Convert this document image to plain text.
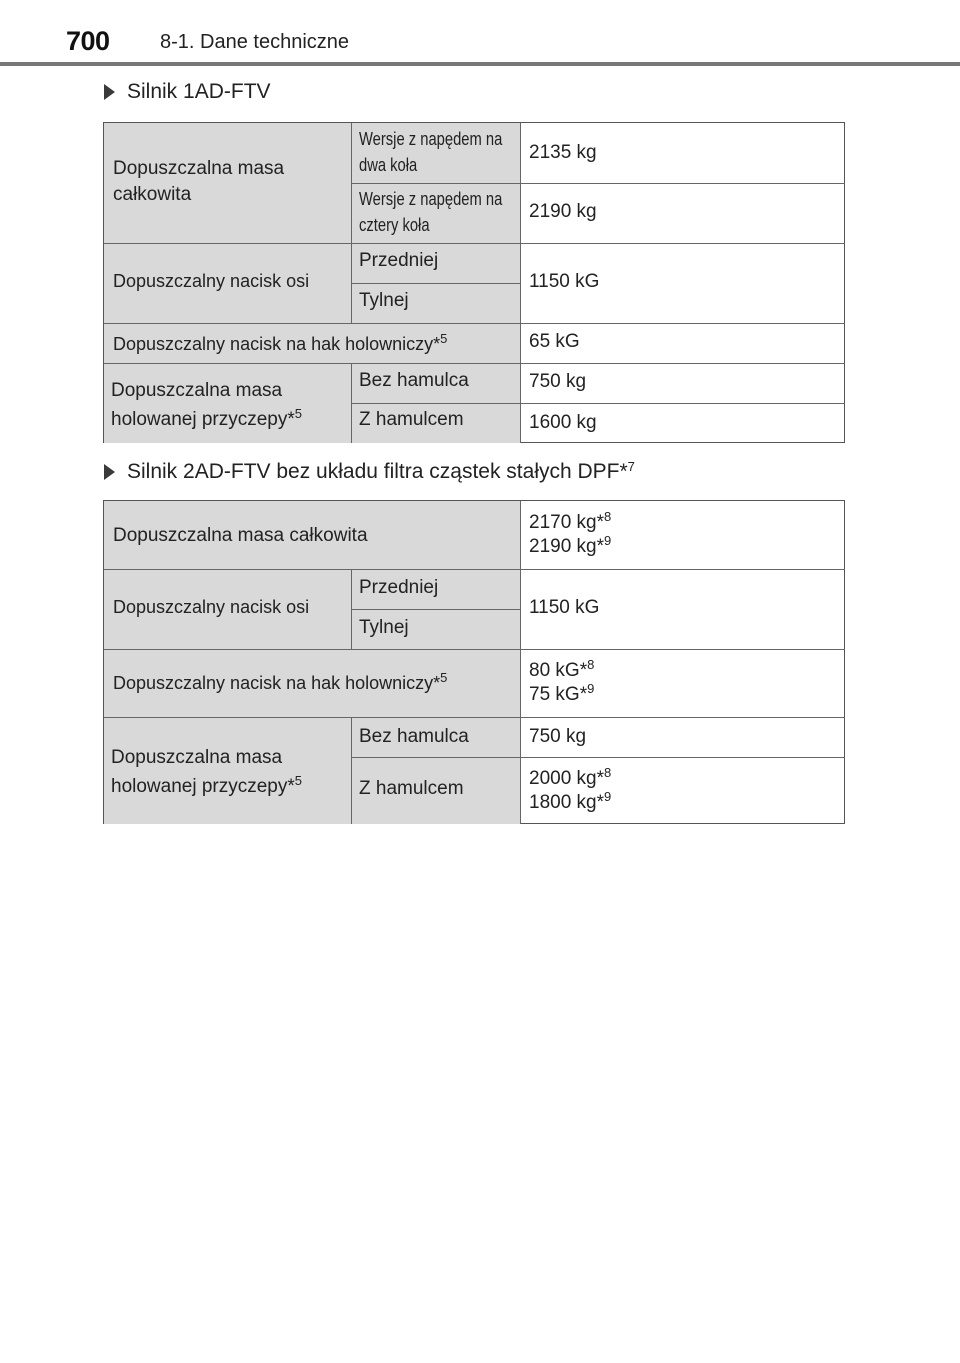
700	8-1. Dane techniczne
Silnik 1AD-FTV
Dopuszczalna masa całkowita
Wersje z napędem na dwa koła
Wersje z napędem na cztery koła
Dopuszczalny nacisk osi
Przedniej
Tylnej
Dopuszczalny nacisk na hak holowniczy*$^5$
Dopuszczalna masa holowanej przyczepy*$^5$
Bez hamulca
Z hamulcem
2135 kg
2190 kg
1150 kG
65 kG
750 kg
1600 kg
Silnik 2AD-FTV bez układu filtra cząstek stałych DPF*$^7$
Dopuszczalna masa całkowita
Dopuszczalny nacisk osi
Przedniej
Tylnej
Dopuszczalny nacisk na hak holowniczy*$^5$
Dopuszczalna masa holowanej przyczepy*$^5$
Bez hamulca
Z hamulcem
2170 kg*$^8$
2190 kg*$^9$
1150 kG
80 kG*$^8$
75 kG*$^9$
750 kg
2000 kg*$^8$
1800 kg*$^9$
